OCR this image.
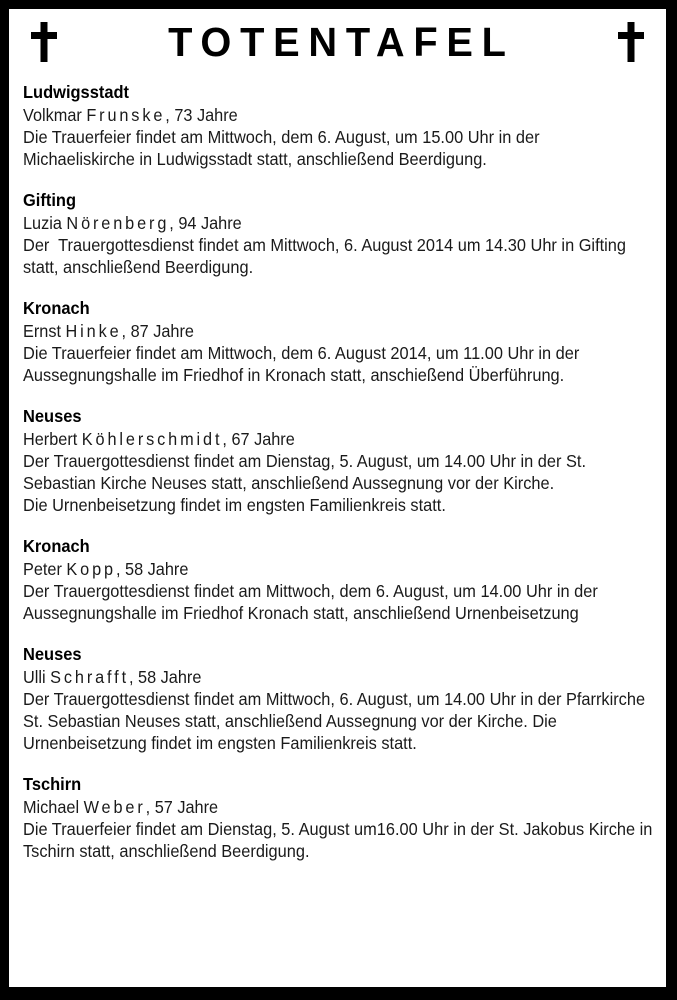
TOTENTAFEL
Ludwigsstadt
Volkmar Frunske, 73 Jahre

Die Trauerfeier findet am Mittwoch, dem 6. August, um 15.00 Uhr in der Michaeliskirche in Ludwigsstadt statt, anschließend Beerdigung.

Gifting
Luzia Nörenberg, 94 Jahre

Der  Trauergottesdienst findet am Mittwoch, 6. August 2014 um 14.30 Uhr in Gifting statt, anschließend Beerdigung.

Kronach
Ernst Hinke, 87 Jahre

Die Trauerfeier findet am Mittwoch, dem 6. August 2014, um 11.00 Uhr in der Aussegnungshalle im Friedhof in Kronach statt, anschießend Überführung.

Neuses
Herbert Köhlerschmidt, 67 Jahre

Der Trauergottesdienst findet am Dienstag, 5. August, um 14.00 Uhr in der St. Sebastian Kirche Neuses statt, anschließend Aussegnung vor der Kirche.

Die Urnenbeisetzung findet im engsten Familienkreis statt.

Kronach
Peter Kopp, 58 Jahre

Der Trauergottesdienst findet am Mittwoch, dem 6. August, um 14.00 Uhr in der Aussegnungshalle im Friedhof Kronach statt, anschließend Urnenbeisetzung

Neuses
Ulli Schrafft, 58 Jahre

Der Trauergottesdienst findet am Mittwoch, 6. August, um 14.00 Uhr in der Pfarrkirche St. Sebastian Neuses statt, anschließend Aussegnung vor der Kirche. Die Urnenbeisetzung findet im engsten Familienkreis statt.

Tschirn
Michael Weber, 57 Jahre

Die Trauerfeier findet am Dienstag, 5. August um16.00 Uhr in der St. Jakobus Kirche in Tschirn statt, anschließend Beerdigung.
